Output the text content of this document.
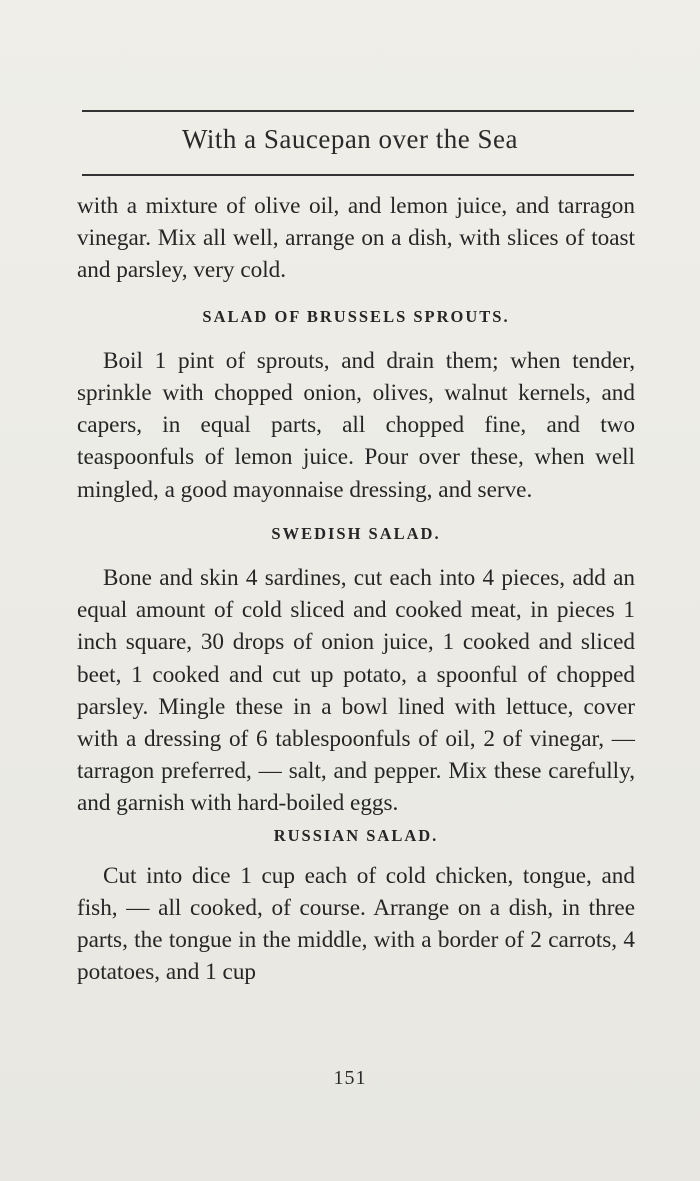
With a Saucepan over the Sea

with a mixture of olive oil, and lemon juice, and tarragon vinegar. Mix all well, arrange on a dish, with slices of toast and parsley, very cold.

SALAD OF BRUSSELS SPROUTS.

Boil 1 pint of sprouts, and drain them; when tender, sprinkle with chopped onion, olives, walnut kernels, and capers, in equal parts, all chopped fine, and two teaspoonfuls of lemon juice. Pour over these, when well mingled, a good mayonnaise dressing, and serve.

SWEDISH SALAD.

Bone and skin 4 sardines, cut each into 4 pieces, add an equal amount of cold sliced and cooked meat, in pieces 1 inch square, 30 drops of onion juice, 1 cooked and sliced beet, 1 cooked and cut up potato, a spoonful of chopped parsley. Mingle these in a bowl lined with lettuce, cover with a dressing of 6 tablespoonfuls of oil, 2 of vinegar, — tarragon preferred, — salt, and pepper. Mix these carefully, and garnish with hard-boiled eggs.

RUSSIAN SALAD.

Cut into dice 1 cup each of cold chicken, tongue, and fish, — all cooked, of course. Arrange on a dish, in three parts, the tongue in the middle, with a border of 2 carrots, 4 potatoes, and 1 cup

151
